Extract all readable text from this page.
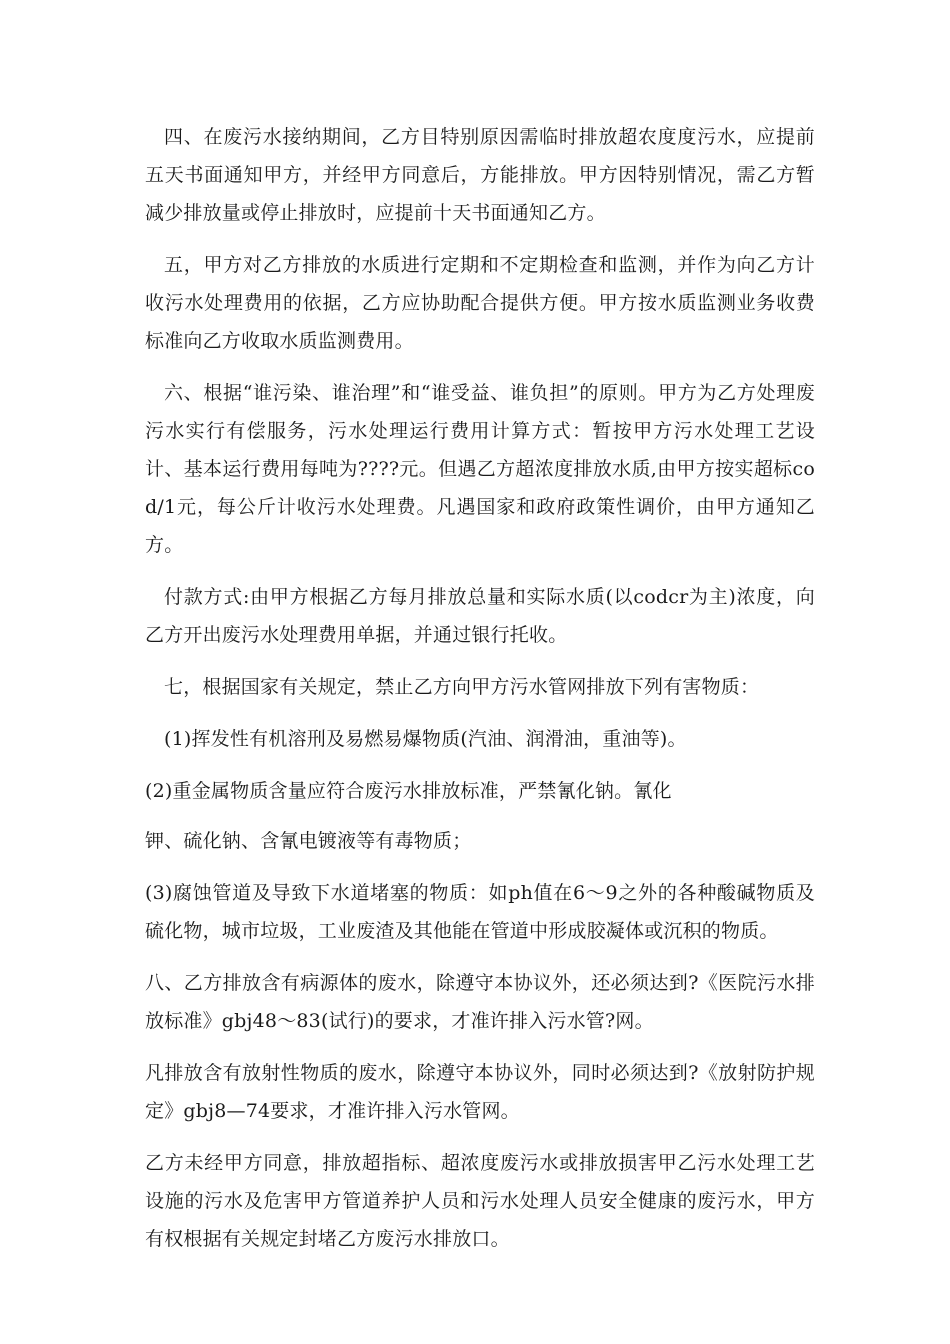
四、在废污水接纳期间，乙方目特别原因需临时排放超农度度污水，应提前五天书面通知甲方，并经甲方同意后，方能排放。甲方因特别情况，需乙方暂减少排放量或停止排放时，应提前十天书面通知乙方。

五，甲方对乙方排放的水质进行定期和不定期检查和监测，并作为向乙方计收污水处理费用的依据，乙方应协助配合提供方便。甲方按水质监测业务收费标准向乙方收取水质监测费用。

六、根据“谁污染、谁治理”和“谁受益、谁负担”的原则。甲方为乙方处理废污水实行有偿服务，污水处理运行费用计算方式：暂按甲方污水处理工艺设计、基本运行费用每吨为????元。但遇乙方超浓度排放水质,由甲方按实超标cod/1元，每公斤计收污水处理费。凡遇国家和政府政策性调价，由甲方通知乙方。

付款方式:由甲方根据乙方每月排放总量和实际水质(以codcr为主)浓度，向乙方开出废污水处理费用单据，并通过银行托收。

七，根据国家有关规定，禁止乙方向甲方污水管网排放下列有害物质：

(1)挥发性有机溶刑及易燃易爆物质(汽油、润滑油，重油等)。

(2)重金属物质含量应符合废污水排放标准，严禁氰化钠。氰化

钾、硫化钠、含氰电镀液等有毒物质；

(3)腐蚀管道及导致下水道堵塞的物质：如ph值在6～9之外的各种酸碱物质及硫化物，城市垃圾，工业废渣及其他能在管道中形成胶凝体或沉积的物质。

八、乙方排放含有病源体的废水，除遵守本协议外，还必须达到?《医院污水排放标准》gbj48～83(试行)的要求，才准许排入污水管?网。

凡排放含有放射性物质的废水，除遵守本协议外，同时必须达到?《放射防护规定》gbj8—74要求，才准许排入污水管网。

乙方未经甲方同意，排放超指标、超浓度废污水或排放损害甲乙污水处理工艺设施的污水及危害甲方管道养护人员和污水处理人员安全健康的废污水，甲方有权根据有关规定封堵乙方废污水排放口。
